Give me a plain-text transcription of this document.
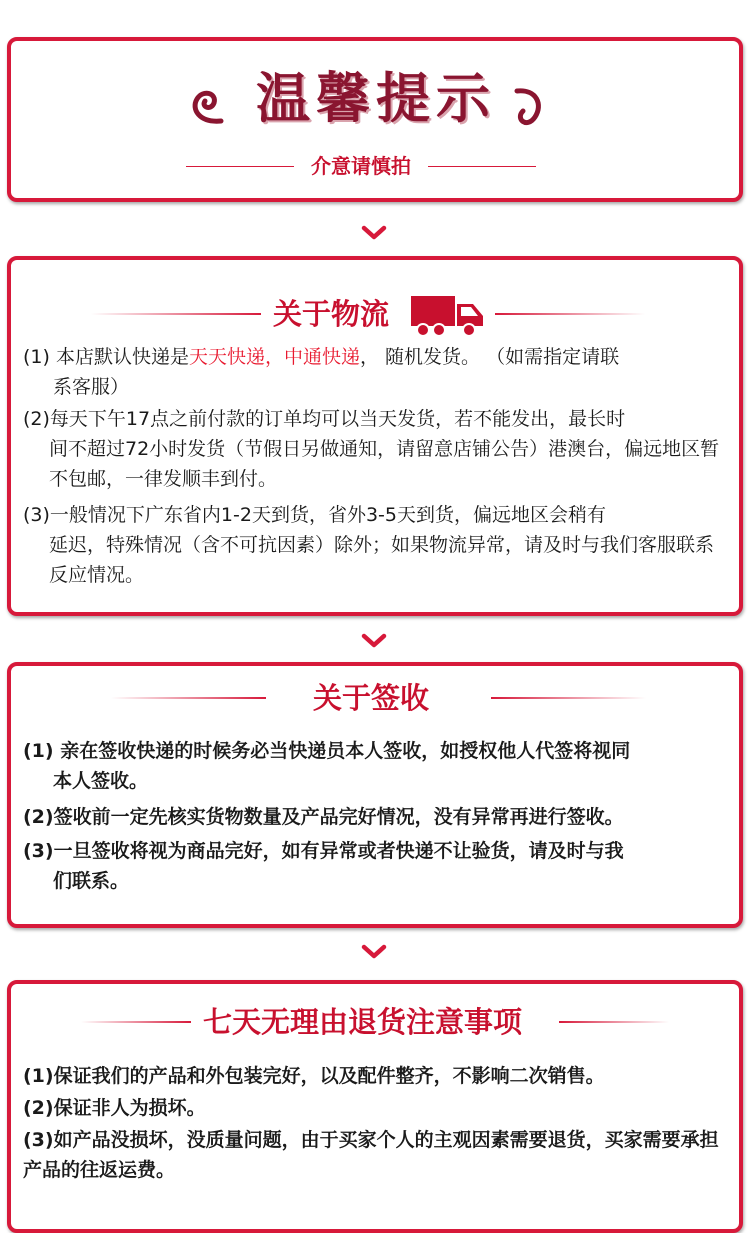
温馨提示
介意请慎拍
关于物流
(1) 本店默认快递是天天快递，中通快递， 随机发货。 （如需指定请联
系客服）
(2)每天下午17点之前付款的订单均可以当天发货，若不能发出，最长时
间不超过72小时发货（节假日另做通知，请留意店铺公告）港澳台，偏远地区暂不包邮，一律发顺丰到付。
(3)一般情况下广东省内1-2天到货，省外3-5天到货，偏远地区会稍有
延迟，特殊情况（含不可抗因素）除外；如果物流异常，请及时与我们客服联系反应情况。
关于签收
(1) 亲在签收快递的时候务必当快递员本人签收，如授权他人代签将视同
本人签收。
(2)签收前一定先核实货物数量及产品完好情况，没有异常再进行签收。
(3)一旦签收将视为商品完好，如有异常或者快递不让验货，请及时与我
们联系。
七天无理由退货注意事项
(1)保证我们的产品和外包装完好，以及配件整齐，不影响二次销售。
(2)保证非人为损坏。
(3)如产品没损坏，没质量问题，由于买家个人的主观因素需要退货，买家需要承担产品的往返运费。
